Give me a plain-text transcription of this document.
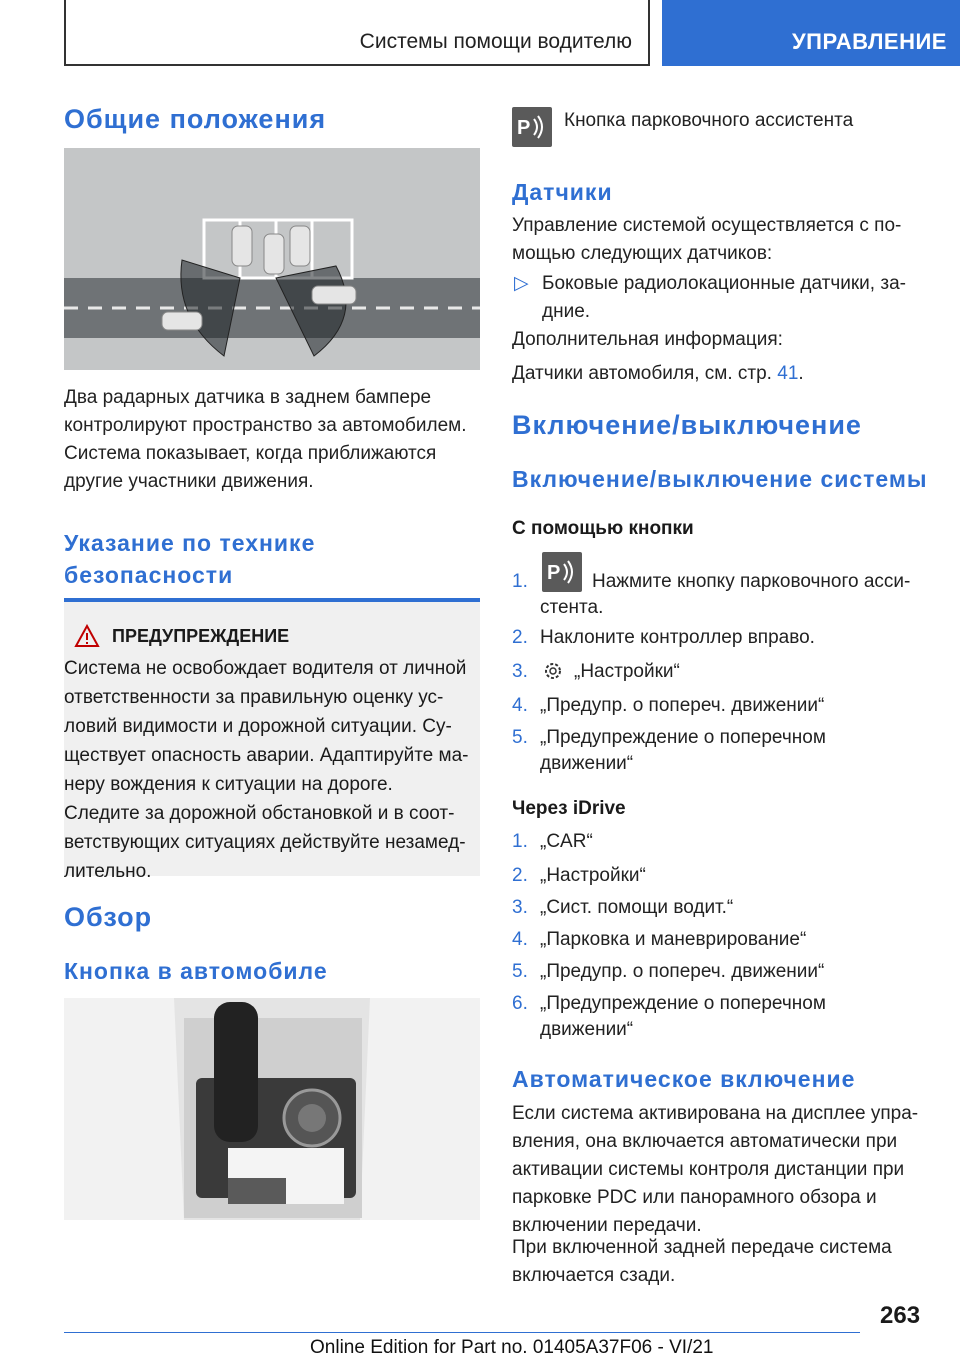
Системы помощи водителю	УПРАВЛЕНИЕ
Общие положения
Два радарных датчика в заднем бампере
контролируют пространство за автомобилем.
Система показывает, когда приближаются
другие участники движения.
Указание по технике
безопасности
ПРЕДУПРЕЖДЕНИЕ
Система не освобождает водителя от личной
ответственности за правильную оценку ус-
ловий видимости и дорожной ситуации. Су-
ществует опасность аварии. Адаптируйте ма-
неру вождения к ситуации на дороге.
Следите за дорожной обстановкой и в соот-
ветствующих ситуациях действуйте незамед-
лительно.
Обзор
Кнопка в автомобиле
P Кнопка парковочного ассистента
Датчики
Управление системой осуществляется с по-
мощью следующих датчиков:
▷ Боковые радиолокационные датчики, за-
дние.
Дополнительная информация:
Датчики автомобиля, см. стр. 41.
Включение/выключение
Включение/выключение системы
С помощью кнопки
1. P Нажмите кнопку парковочного асси-
стента.
2. Наклоните контроллер вправо.
3. „Настройки“
4. „Предупр. о попереч. движении“
5. „Предупреждение о поперечном
движении“
Через iDrive
1. „CAR“
2. „Настройки“
3. „Сист. помощи водит.“
4. „Парковка и маневрирование“
5. „Предупр. о попереч. движении“
6. „Предупреждение о поперечном
движении“
Автоматическое включение
Если система активирована на дисплее упра-
вления, она включается автоматически при
активации системы контроля дистанции при
парковке PDC или панорамного обзора и
включении передачи.
При включенной задней передаче система
включается сзади.
263
Online Edition for Part no. 01405A37F06 - VI/21
